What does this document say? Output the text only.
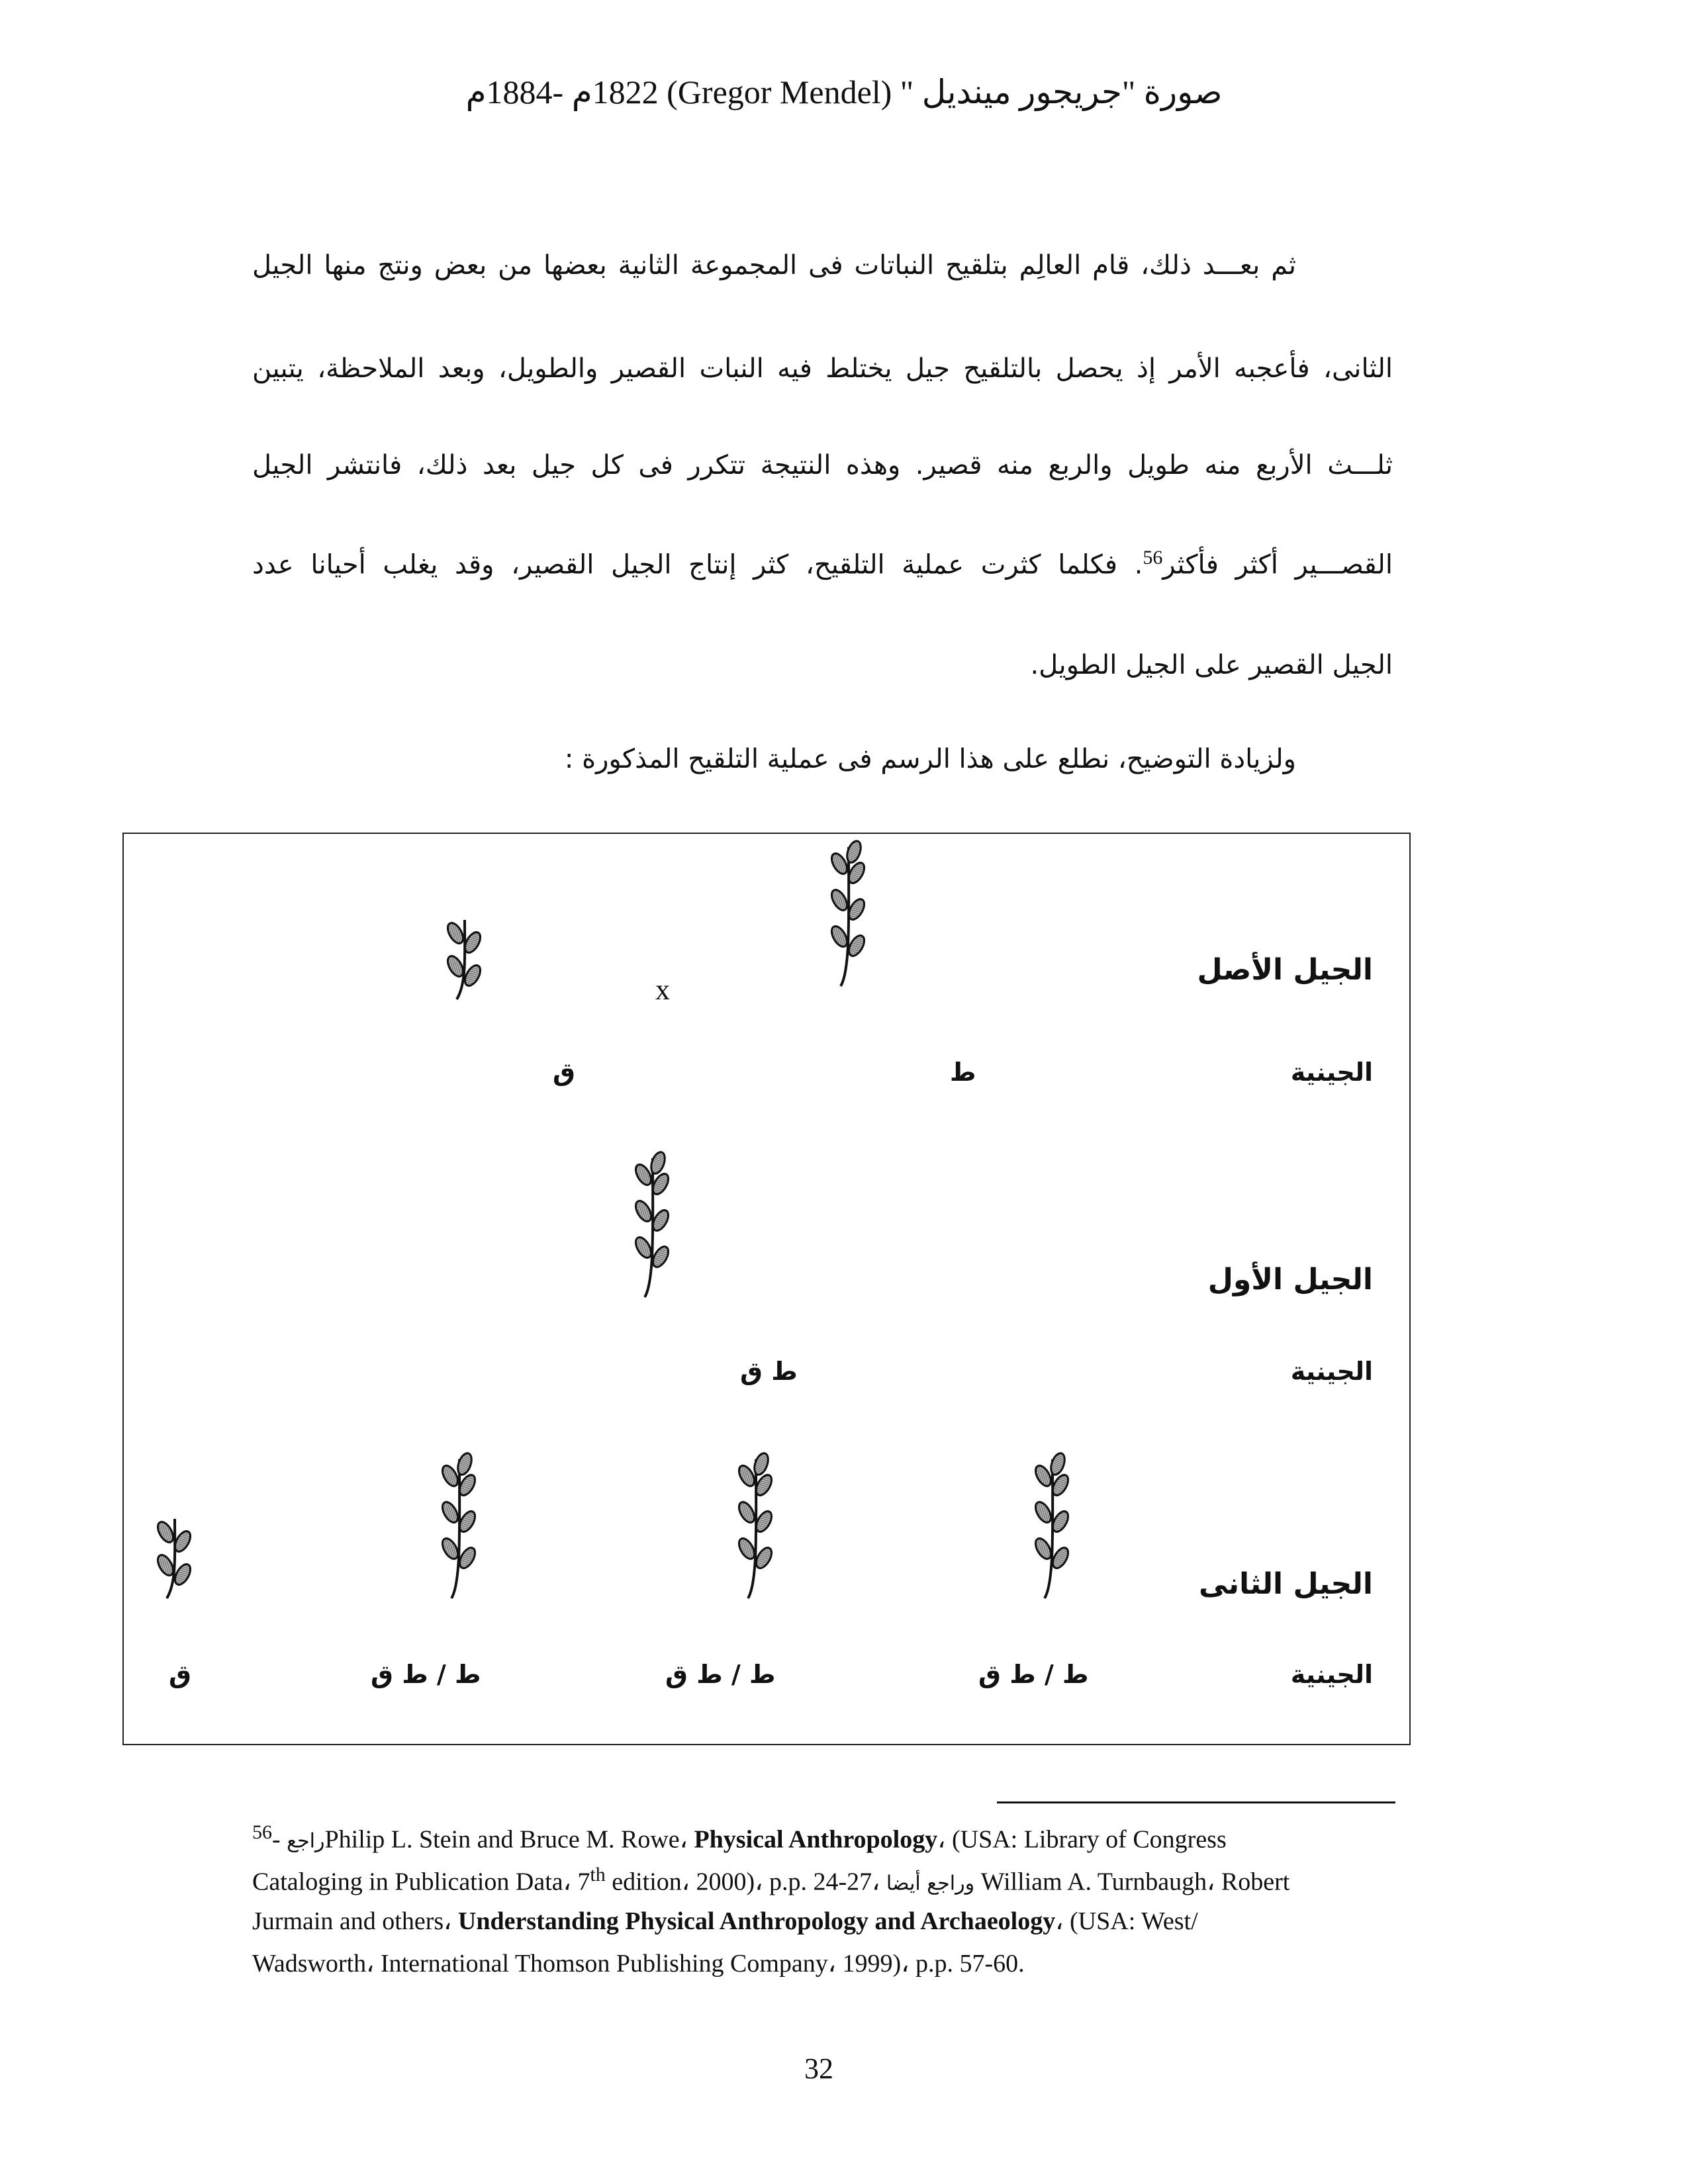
صورة "جريجور مينديل " (Gregor Mendel) 1822م -1884م
ثم بعـــد ذلك، قام العالِم بتلقيح النباتات فى المجموعة الثانية بعضها من بعض ونتج منها الجيل
الثانى، فأعجبه الأمر إذ يحصل بالتلقيح جيل يختلط فيه النبات القصير والطويل، وبعد الملاحظة، يتبين
ثلـــث الأربع منه طويل والربع منه قصير. وهذه النتيجة تتكرر فى كل جيل بعد ذلك، فانتشر الجيل
القصـــير أكثر فأكثر$^{56}$. فكلما كثرت عملية التلقيح، كثر إنتاج الجيل القصير، وقد يغلب أحيانا عدد
الجيل القصير على الجيل الطويل.
ولزيادة التوضيح، نطلع على هذا الرسم فى عملية التلقيح المذكورة :
x
الجيل الأصل
الجينية
ق	ط
الجيل الأول
الجينية
ط ق
الجيل الثانى
الجينية
ط / ط ق
ط / ط ق
ط / ط ق
ق
$^{56}$- راجعPhilip L. Stein and Bruce M. Rowe، Physical Anthropology، (USA: Library of Congress
Cataloging in Publication Data، 7th edition، 2000)، p.p. 24-27، وراجع أيضا William A. Turnbaugh، Robert
Jurmain and others، Understanding Physical Anthropology and Archaeology، (USA: West/
Wadsworth، International Thomson Publishing Company، 1999)، p.p. 57-60.
32
